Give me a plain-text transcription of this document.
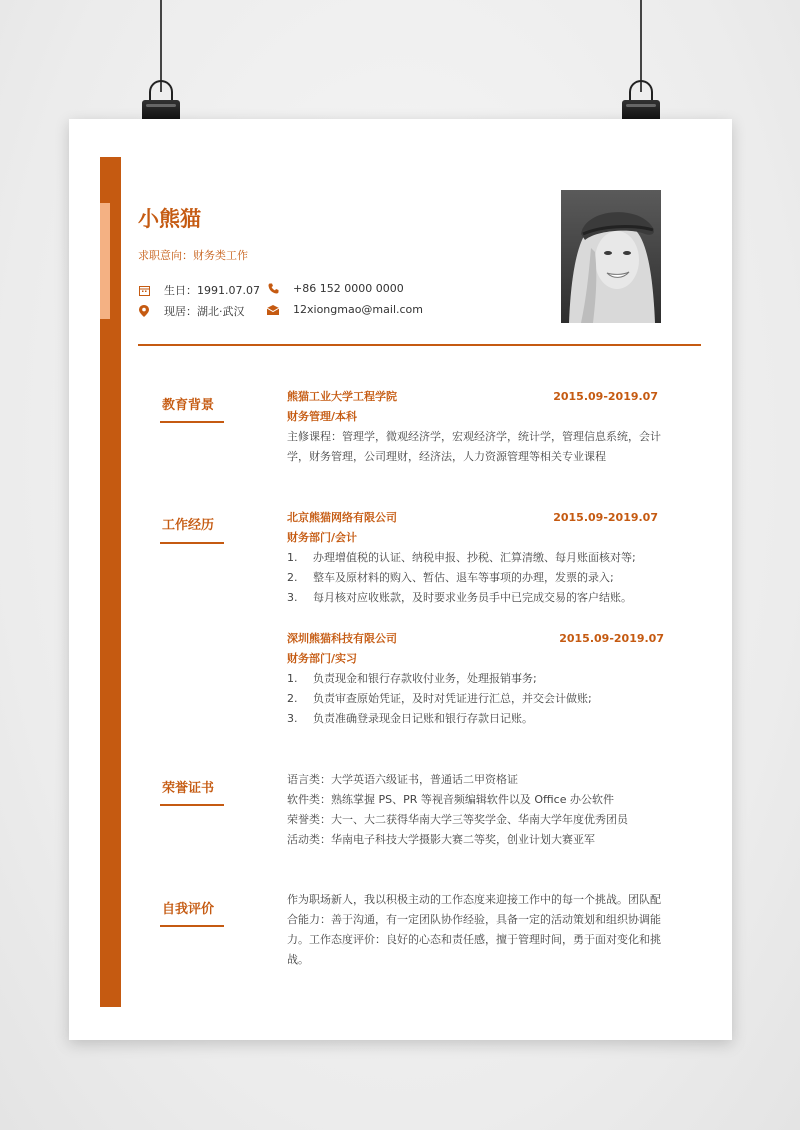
小熊猫
求职意向：财务类工作
生日：1991.07.07
现居：湖北·武汉
+86 152 0000 0000
12xiongmao@mail.com
教育背景
熊猫工业大学工程学院	2015.09-2019.07
财务管理/本科

主修课程：管理学，微观经济学，宏观经济学，统计学，管理信息系统，会计学，财务管理，公司理财，经济法，人力资源管理等相关专业课程

工作经历
北京熊猫网络有限公司	2015.09-2019.07
财务部门/会计
1.	办理增值税的认证、纳税申报、抄税、汇算清缴、每月账面核对等;
2.	整车及原材料的购入、暂估、退车等事项的办理，发票的录入;
3.	每月核对应收账款，及时要求业务员手中已完成交易的客户结账。
深圳熊猫科技有限公司	2015.09-2019.07
财务部门/实习
1.	负责现金和银行存款收付业务，处理报销事务;
2.	负责审查原始凭证，及时对凭证进行汇总，并交会计做账;
3.	负责准确登录现金日记账和银行存款日记账。
荣誉证书
语言类：大学英语六级证书，普通话二甲资格证
软件类：熟练掌握 PS、PR 等视音频编辑软件以及 Office 办公软件
荣誉类：大一、大二获得华南大学三等奖学金、华南大学年度优秀团员
活动类：华南电子科技大学摄影大赛二等奖，创业计划大赛亚军
自我评价

作为职场新人，我以积极主动的工作态度来迎接工作中的每一个挑战。团队配合能力：善于沟通，有一定团队协作经验，具备一定的活动策划和组织协调能力。工作态度评价：良好的心态和责任感，擅于管理时间，勇于面对变化和挑战。
